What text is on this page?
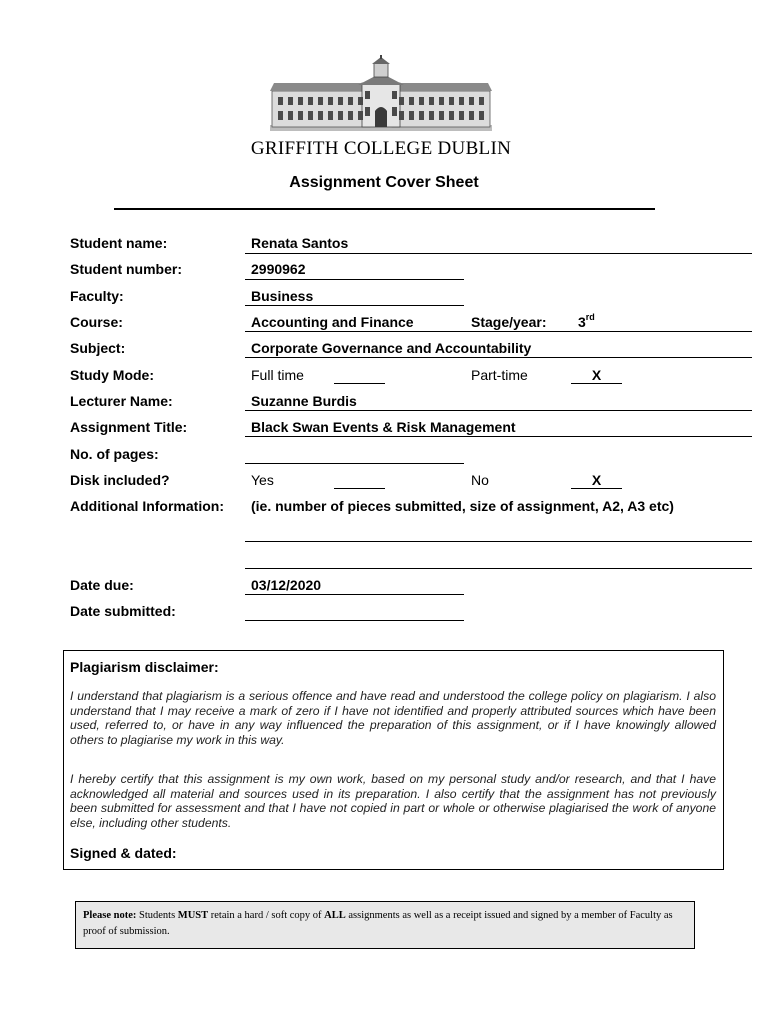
GRIFFITH COLLEGE DUBLIN
Assignment Cover Sheet
Student name:	Renata Santos
Student number:	2990962
Faculty:	Business
Course:	Accounting and Finance	Stage/year: 3rd
Subject:	Corporate Governance and Accountability
Study Mode:	Full time	Part-time	X
Lecturer Name:	Suzanne Burdis
Assignment Title:	Black Swan Events & Risk Management
No. of pages:
Disk included?	Yes	No	X
Additional Information: (ie. number of pieces submitted, size of assignment, A2, A3 etc)
Date due:	03/12/2020
Date submitted:
Plagiarism disclaimer:
I understand that plagiarism is a serious offence and have read and understood the college policy on plagiarism. I also understand that I may receive a mark of zero if I have not identified and properly attributed sources which have been used, referred to, or have in any way influenced the preparation of this assignment, or if I have knowingly allowed others to plagiarise my work in this way.
I hereby certify that this assignment is my own work, based on my personal study and/or research, and that I have acknowledged all material and sources used in its preparation. I also certify that the assignment has not previously been submitted for assessment and that I have not copied in part or whole or otherwise plagiarised the work of anyone else, including other students.
Signed & dated:
Please note: Students MUST retain a hard / soft copy of ALL assignments as well as a receipt issued and signed by a member of Faculty as proof of submission.
